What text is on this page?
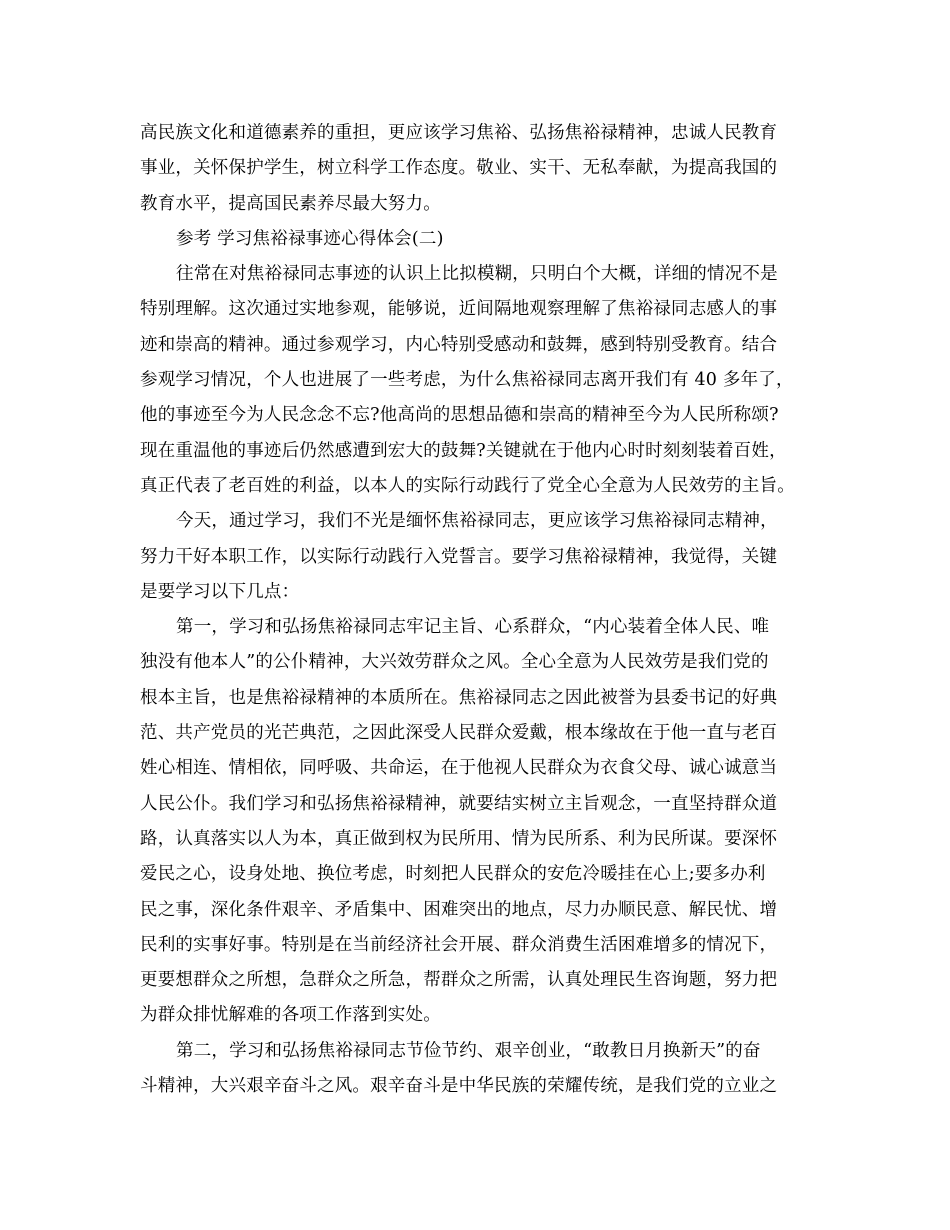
高民族文化和道德素养的重担，更应该学习焦裕、弘扬焦裕禄精神，忠诚人民教育
事业，关怀保护学生，树立科学工作态度。敬业、实干、无私奉献，为提高我国的
教育水平，提高国民素养尽最大努力。
参考 学习焦裕禄事迹心得体会(二)
往常在对焦裕禄同志事迹的认识上比拟模糊，只明白个大概，详细的情况不是
特别理解。这次通过实地参观，能够说，近间隔地观察理解了焦裕禄同志感人的事
迹和崇高的精神。通过参观学习，内心特别受感动和鼓舞，感到特别受教育。结合
参观学习情况，个人也进展了一些考虑，为什么焦裕禄同志离开我们有 40 多年了，
他的事迹至今为人民念念不忘?他高尚的思想品德和崇高的精神至今为人民所称颂?
现在重温他的事迹后仍然感遭到宏大的鼓舞?关键就在于他内心时时刻刻装着百姓，
真正代表了老百姓的利益，以本人的实际行动践行了党全心全意为人民效劳的主旨。
今天，通过学习，我们不光是缅怀焦裕禄同志，更应该学习焦裕禄同志精神，
努力干好本职工作，以实际行动践行入党誓言。要学习焦裕禄精神，我觉得，关键
是要学习以下几点：
第一，学习和弘扬焦裕禄同志牢记主旨、心系群众，“内心装着全体人民、唯
独没有他本人”的公仆精神，大兴效劳群众之风。全心全意为人民效劳是我们党的
根本主旨，也是焦裕禄精神的本质所在。焦裕禄同志之因此被誉为县委书记的好典
范、共产党员的光芒典范，之因此深受人民群众爱戴，根本缘故在于他一直与老百
姓心相连、情相依，同呼吸、共命运，在于他视人民群众为衣食父母、诚心诚意当
人民公仆。我们学习和弘扬焦裕禄精神，就要结实树立主旨观念，一直坚持群众道
路，认真落实以人为本，真正做到权为民所用、情为民所系、利为民所谋。要深怀
爱民之心，设身处地、换位考虑，时刻把人民群众的安危冷暖挂在心上;要多办利
民之事，深化条件艰辛、矛盾集中、困难突出的地点，尽力办顺民意、解民忧、增
民利的实事好事。特别是在当前经济社会开展、群众消费生活困难增多的情况下，
更要想群众之所想，急群众之所急，帮群众之所需，认真处理民生咨询题，努力把
为群众排忧解难的各项工作落到实处。
第二，学习和弘扬焦裕禄同志节俭节约、艰辛创业，“敢教日月换新天”的奋
斗精神，大兴艰辛奋斗之风。艰辛奋斗是中华民族的荣耀传统，是我们党的立业之
